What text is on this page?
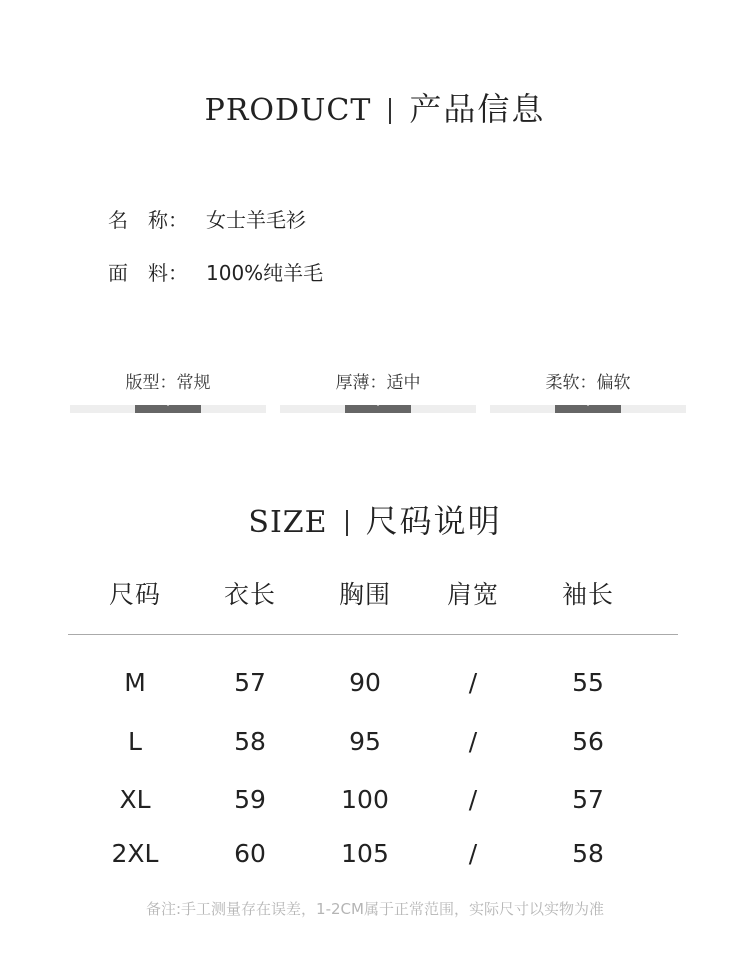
PRODUCT 产品信息
名　称： 女士羊毛衫
面　料： 100%纯羊毛
版型：常规	厚薄：适中	柔软：偏软
SIZE 尺码说明
尺码	衣长	胸围	肩宽	袖长
M	57	90	/	55
L	58	95	/	56
XL	59	100	/	57
2XL	60	105	/	58
备注:手工测量存在误差，1-2CM属于正常范围，实际尺寸以实物为准
